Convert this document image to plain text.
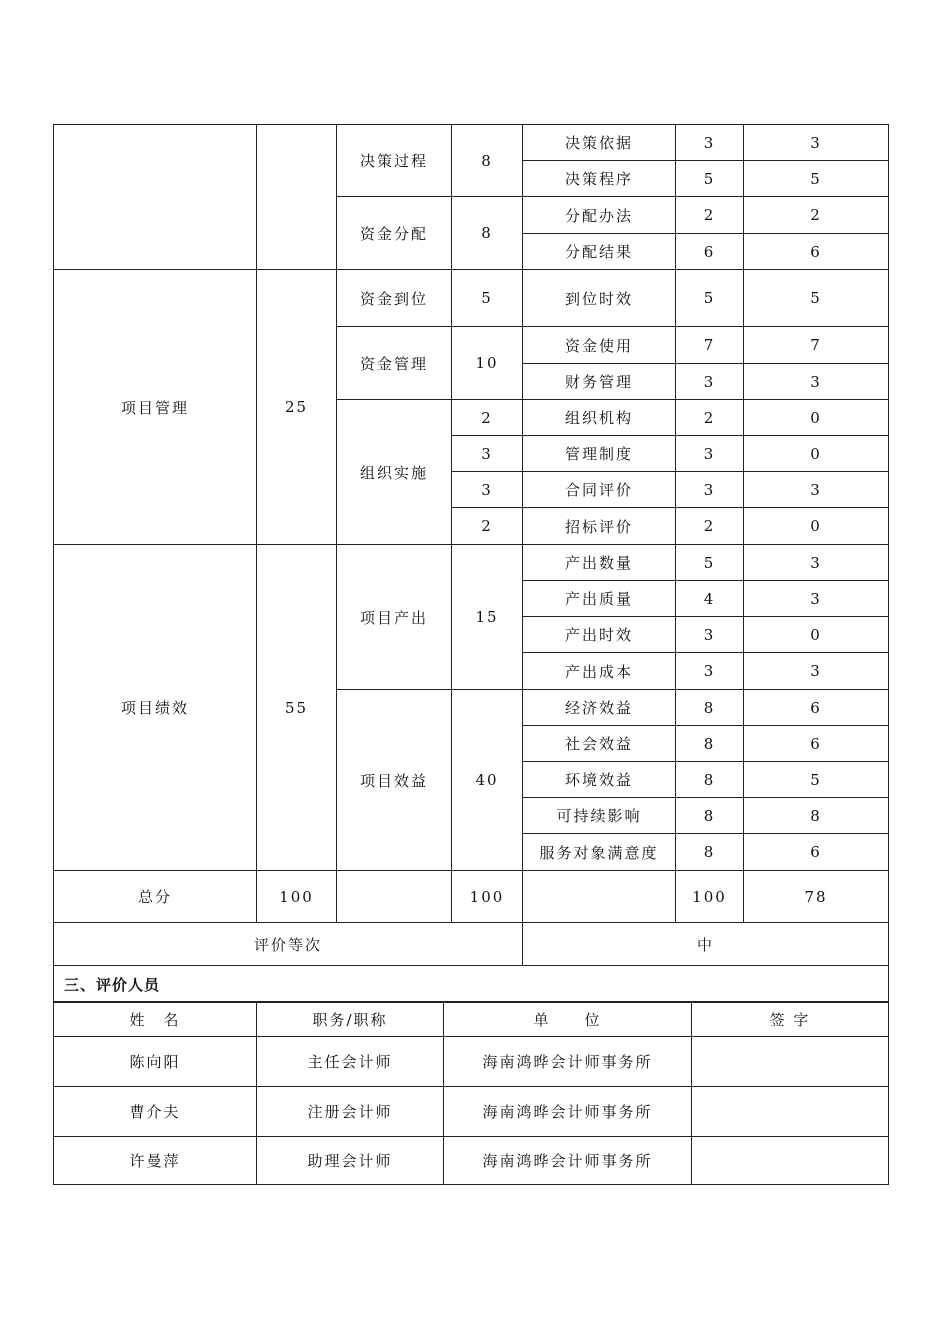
		决策过程	8	决策依据	3	3
				决策程序	5	5
		资金分配	8	分配办法	2	2
				分配结果	6	6
项目管理	25	资金到位	5	到位时效	5	5
		资金管理	10	资金使用	7	7
				财务管理	3	3
		组织实施	2	组织机构	2	0
			3	管理制度	3	0
			3	合同评价	3	3
			2	招标评价	2	0
项目绩效	55	项目产出	15	产出数量	5	3
				产出质量	4	3
				产出时效	3	0
				产出成本	3	3
		项目效益	40	经济效益	8	6
				社会效益	8	6
				环境效益	8	5
				可持续影响	8	8
				服务对象满意度	8	6
总分	100		100		100	78
评价等次				中		
三、评价人员						
姓　名	职务/职称	单　　位	签 字
陈向阳	主任会计师	海南鸿晔会计师事务所	
曹介夫	注册会计师	海南鸿晔会计师事务所	
许曼萍	助理会计师	海南鸿晔会计师事务所	
